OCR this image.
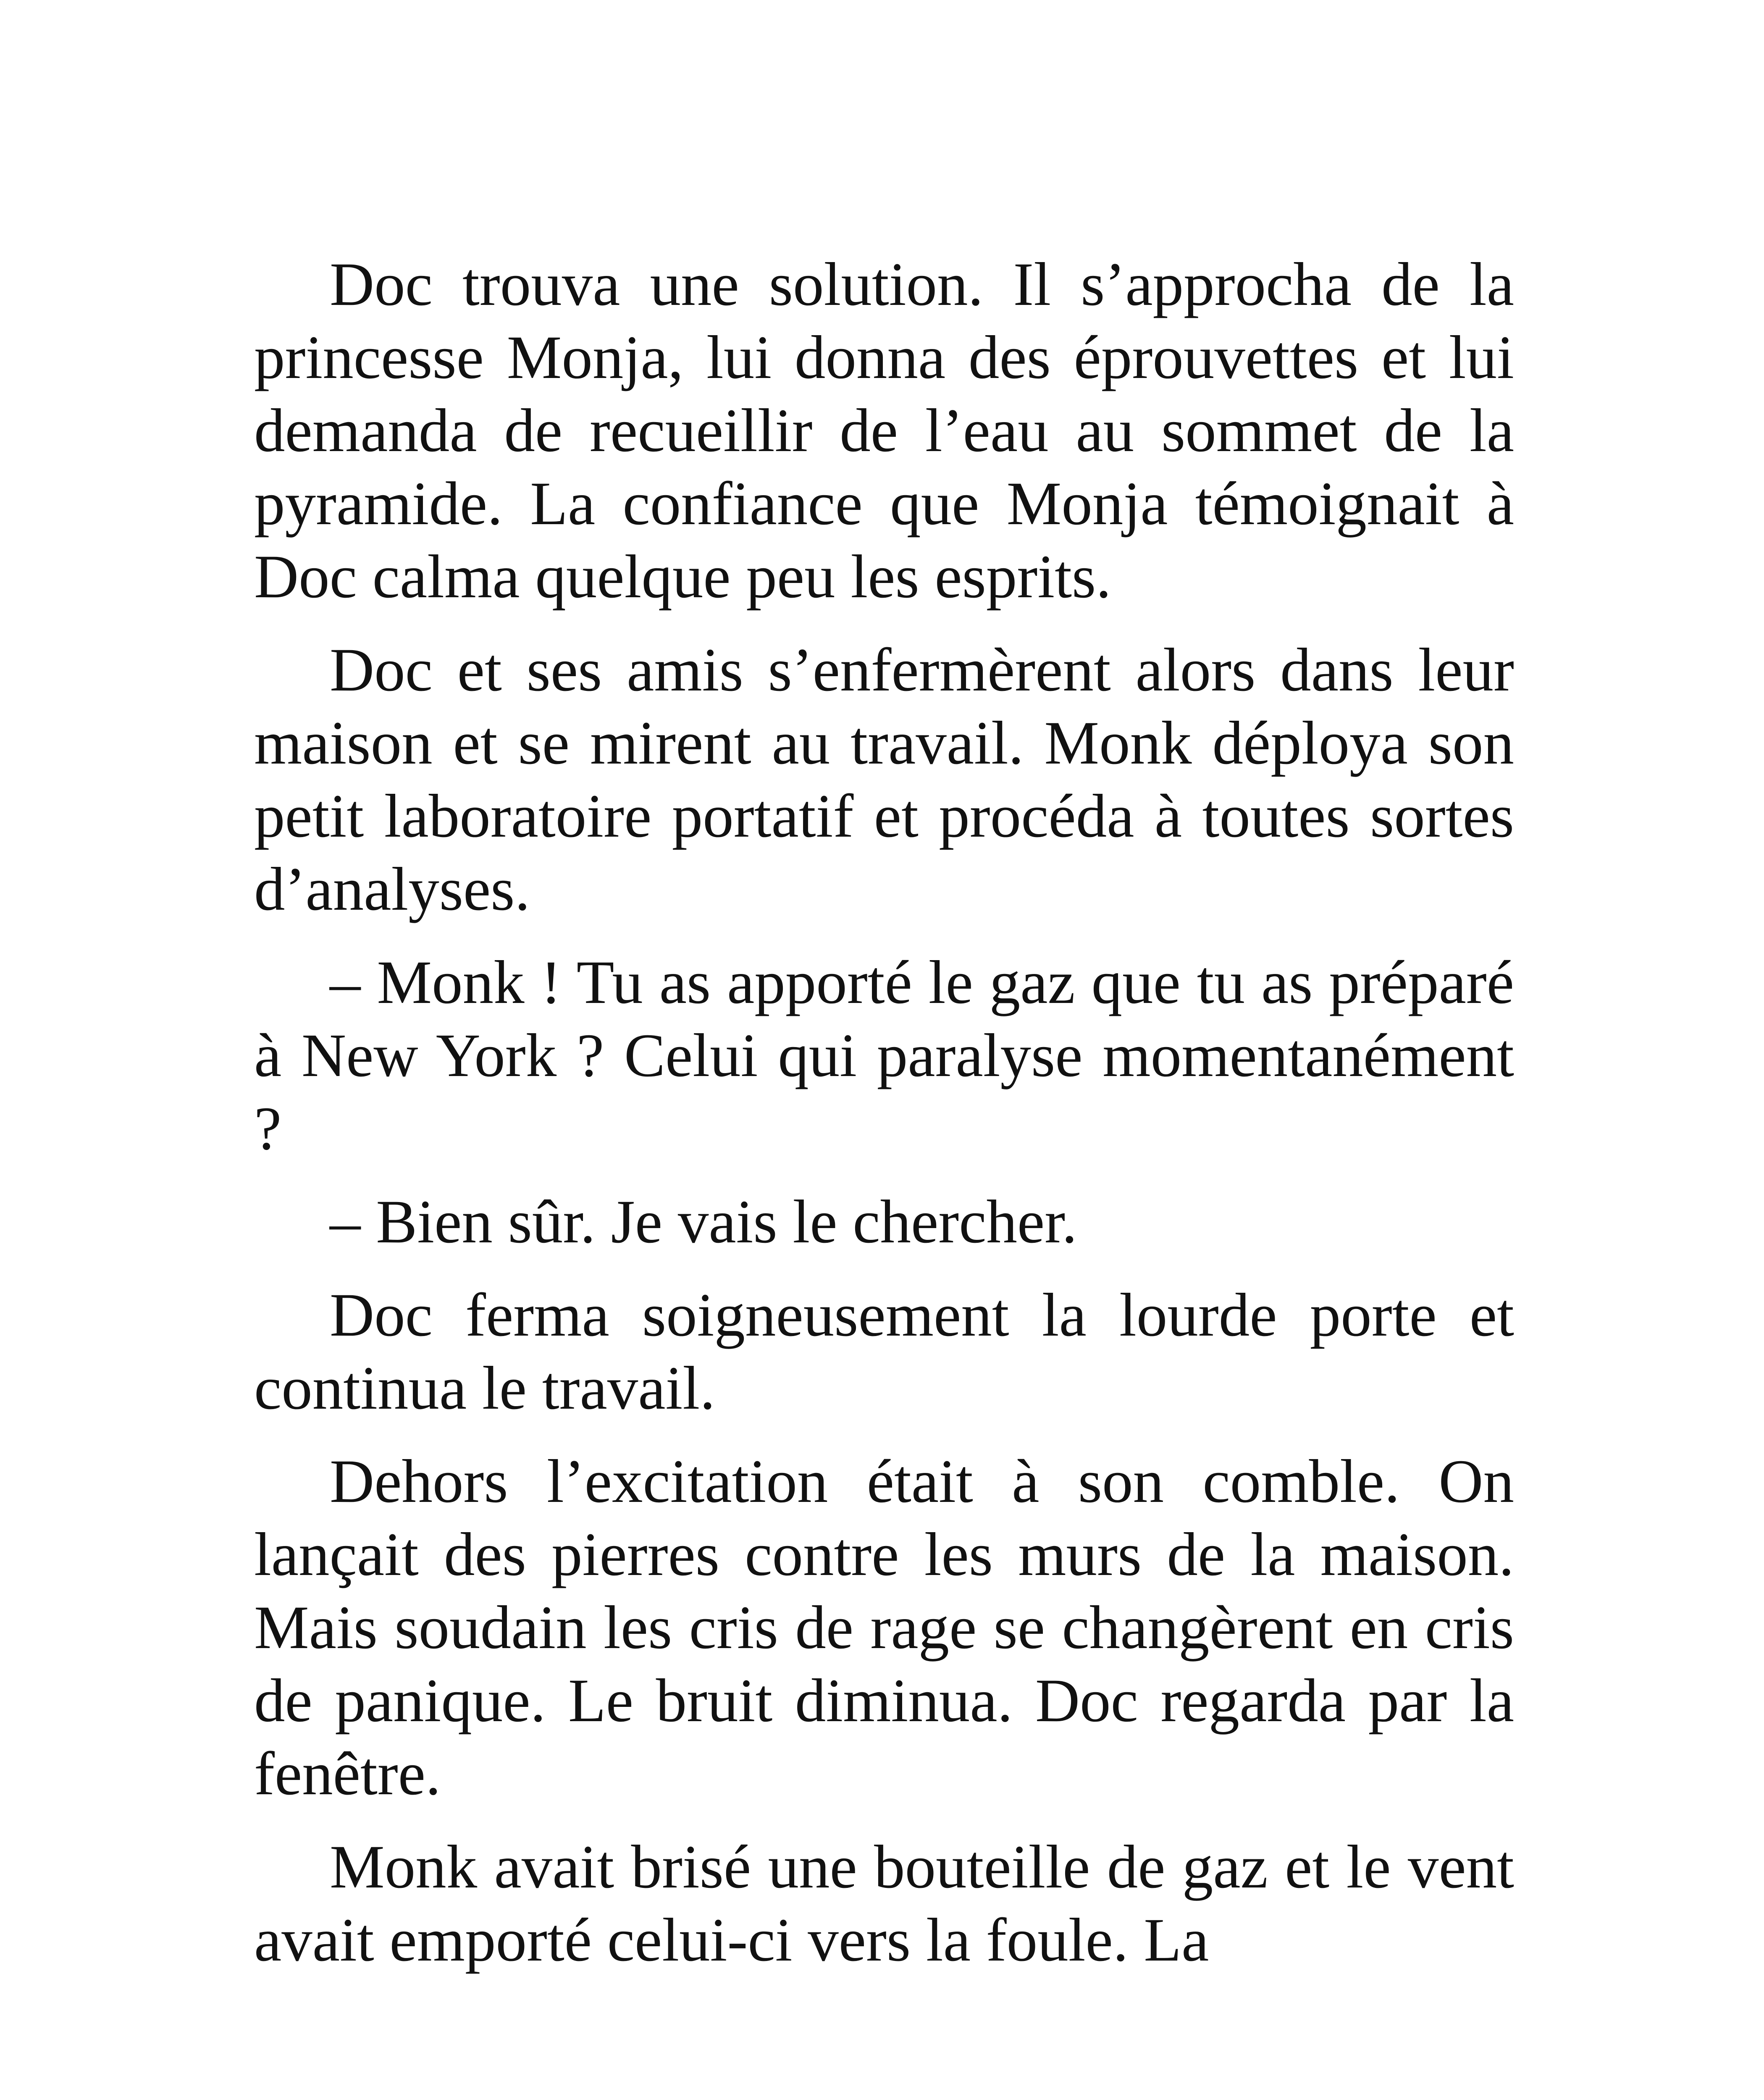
Doc trouva une solution. Il s’approcha de la princesse Monja, lui donna des éprouvettes et lui demanda de recueillir de l’eau au sommet de la pyramide. La confiance que Monja témoignait à Doc calma quelque peu les esprits.

Doc et ses amis s’enfermèrent alors dans leur maison et se mirent au travail. Monk déploya son petit laboratoire portatif et procéda à toutes sortes d’analyses.

– Monk ! Tu as apporté le gaz que tu as préparé à New York ? Celui qui paralyse momentanément ?

– Bien sûr. Je vais le chercher.

Doc ferma soigneusement la lourde porte et continua le travail.

Dehors l’excitation était à son comble. On lançait des pierres contre les murs de la maison. Mais soudain les cris de rage se changèrent en cris de panique. Le bruit diminua. Doc regarda par la fenêtre.

Monk avait brisé une bouteille de gaz et le vent avait emporté celui-ci vers la foule. La
